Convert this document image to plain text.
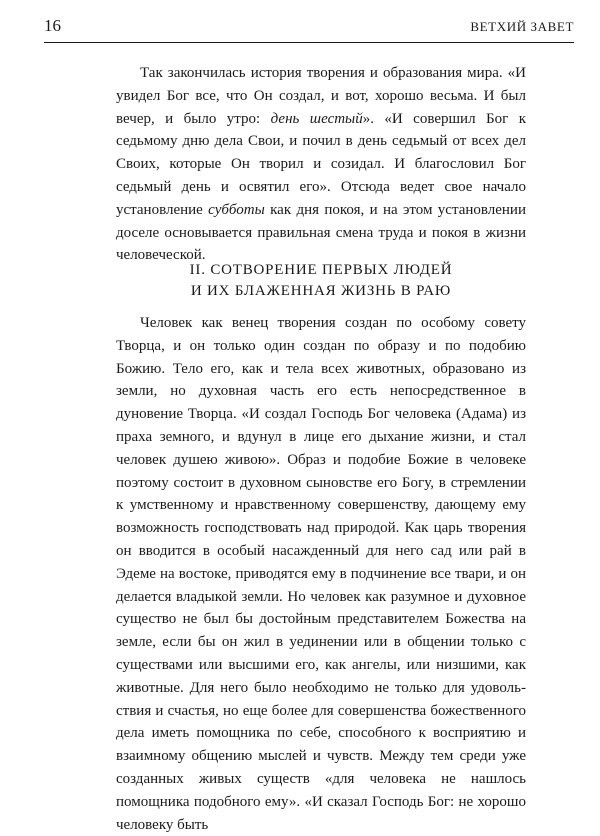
16	ВЕТХИЙ ЗАВЕТ

Так закончилась история творения и образования мира. «И увидел Бог все, что Он создал, и вот, хорошо весьма. И был вечер, и было утро: день шестый». «И совершил Бог к седьмому дню дела Свои, и почил в день седьмый от всех дел Своих, которые Он творил и созидал. И благословил Бог седьмый день и освятил его». Отсюда ведет свое начало установление субботы как дня покоя, и на этом установлении доселе основывается правильная смена труда и покоя в жизни человеческой.

II. СОТВОРЕНИЕ ПЕРВЫХ ЛЮДЕЙ
И ИХ БЛАЖЕННАЯ ЖИЗНЬ В РАЮ

Человек как венец творения создан по особому совету Творца, и он только один создан по образу и по подобию Божию. Тело его, как и тела всех животных, образовано из земли, но духовная часть его есть непосредственное в дуновение Творца. «И создал Господь Бог человека (Адама) из праха земного, и вдунул в лице его дыхание жизни, и стал человек душею живою». Образ и подобие Божие в человеке поэтому состоит в духовном сыновстве его Богу, в стремлении к умственному и нравственному совершенству, дающему ему возможность господствовать над природой. Как царь творения он вводится в особый насажденный для него сад или рай в Эдеме на востоке, приводятся ему в подчинение все твари, и он делается владыкой земли. Но человек как разумное и духовное существо не был бы достойным представителем Божества на земле, если бы он жил в уединении или в общении только с существами или высшими его, как ангелы, или низшими, как животные. Для него было необходимо не только для удовольствия и счастья, но еще более для совершенства божественного дела иметь помощника по себе, способного к восприятию и взаимному общению мыслей и чувств. Между тем среди уже созданных живых существ «для человека не нашлось помощника подобного ему». «И сказал Господь Бог: не хорошо человеку быть
